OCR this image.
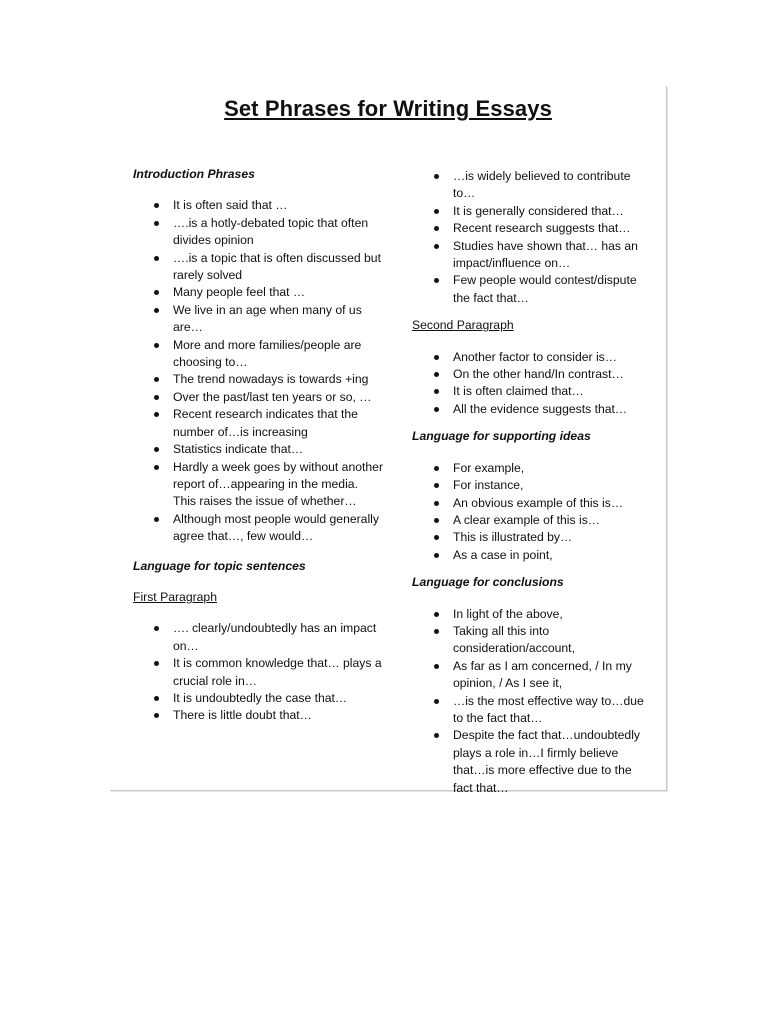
Set Phrases for Writing Essays
Introduction Phrases
It is often said that …
….is a hotly-debated topic that often divides opinion
….is a topic that is often discussed but rarely solved
Many people feel that …
We live in an age when many of us are…
More and more families/people are choosing to…
The trend nowadays is towards +ing
Over the past/last ten years or so, …
Recent research indicates that the number of…is increasing
Statistics indicate that…
Hardly a week goes by without another report of…appearing in the media. This raises the issue of whether…
Although most people would generally agree that…, few would…
Language for topic sentences
First Paragraph
…. clearly/undoubtedly has an impact on…
It is common knowledge that… plays a crucial role in…
It is undoubtedly the case that…
There is little doubt that…
…is widely believed to contribute to…
It is generally considered that…
Recent research suggests that…
Studies have shown that… has an impact/influence on…
Few people would contest/dispute the fact that…
Second Paragraph
Another factor to consider is…
On the other hand/In contrast…
It is often claimed that…
All the evidence suggests that…
Language for supporting ideas
For example,
For instance,
An obvious example of this is…
A clear example of this is…
This is illustrated by…
As a case in point,
Language for conclusions
In light of the above,
Taking all this into consideration/account,
As far as I am concerned, / In my opinion, / As I see it,
…is the most effective way to…due to the fact that…
Despite the fact that…undoubtedly plays a role in…I firmly believe that…is more effective due to the fact that…
